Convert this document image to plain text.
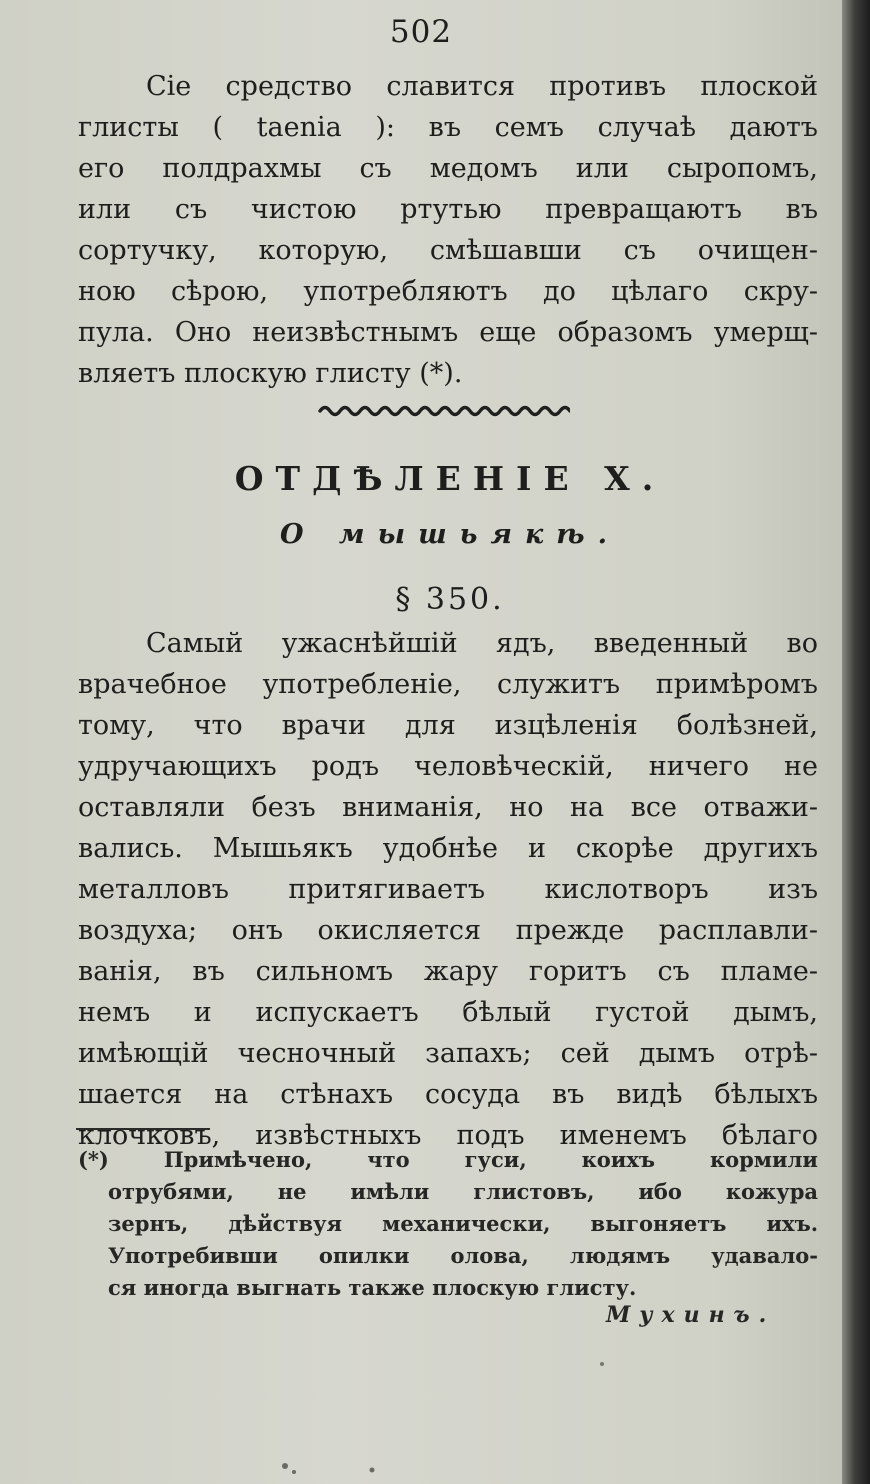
502

Сіе средство славится противъ плоской
глисты ( taenia ): въ семъ случаѣ даютъ
его полдрахмы съ медомъ или сыропомъ,
или съ чистою ртутью превращаютъ въ
сортучку, которую, смѣшавши съ очищен-
ною сѣрою, употребляютъ до цѣлаго скру-
пула. Оно неизвѣстнымъ еще образомъ умерщ-
вляетъ плоскую глисту (*).

ОТДѢЛЕНІЕ X.
О мышьякѣ.
§ 350.

Самый ужаснѣйшій ядъ, введенный во
врачебное употребленіе, служитъ примѣромъ
тому, что врачи для изцѣленія болѣзней,
удручающихъ родъ человѣческій, ничего не
оставляли безъ вниманія, но на все отважи-
вались. Мышьякъ удобнѣе и скорѣе другихъ
металловъ притягиваетъ кислотворъ изъ
воздуха; онъ окисляется прежде расплавли-
ванія, въ сильномъ жару горитъ съ пламе-
немъ и испускаетъ бѣлый густой дымъ,
имѣющій чесночный запахъ; сей дымъ отрѣ-
шается на стѣнахъ сосуда въ видѣ бѣлыхъ
клочковъ, извѣстныхъ подъ именемъ бѣлаго

(*) Примѣчено, что гуси, коихъ кормили
отрубями, не имѣли глистовъ, ибо кожура
зернъ, дѣйствуя механически, выгоняетъ ихъ.
Употребивши опилки олова, людямъ удавало-
ся иногда выгнать также плоскую глисту.

Мухинъ.
